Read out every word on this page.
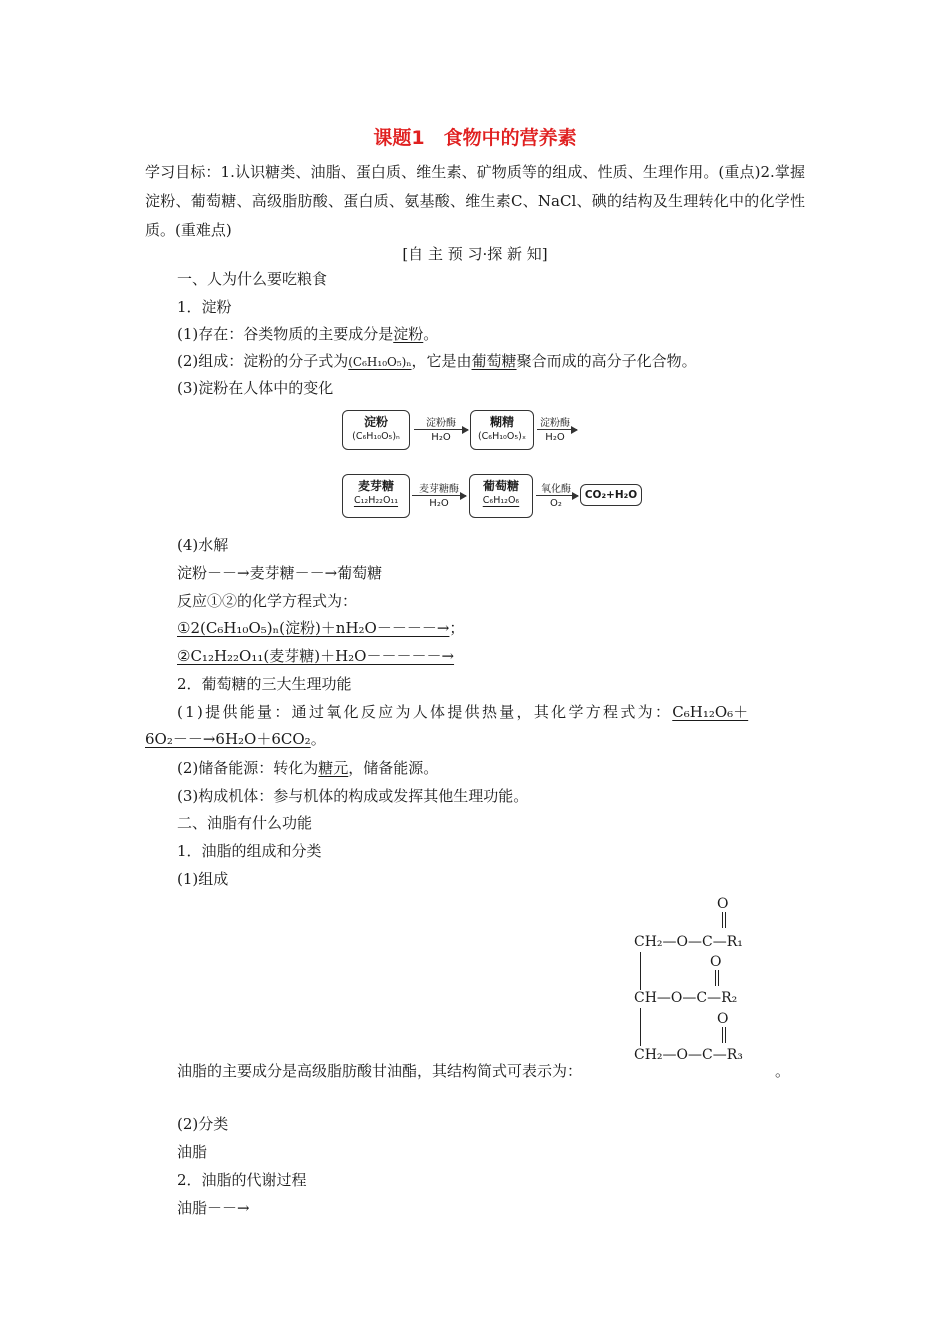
课题1　食物中的营养素
学习目标：1.认识糖类、油脂、蛋白质、维生素、矿物质等的组成、性质、生理作用。(重点)2.掌握淀粉、葡萄糖、高级脂肪酸、蛋白质、氨基酸、维生素C、NaCl、碘的结构及生理转化中的化学性质。(重难点)
[自 主 预 习·探 新 知]
一、人为什么要吃粮食
1．淀粉
(1)存在：谷类物质的主要成分是淀粉。
(2)组成：淀粉的分子式为(C₆H₁₀O₅)ₙ，它是由葡萄糖聚合而成的高分子化合物。
(3)淀粉在人体中的变化
淀粉
(C₆H₁₀O₅)ₙ
淀粉酶
H₂O
糊精
(C₆H₁₀O₅)ₓ
淀粉酶
H₂O
麦芽糖
C₁₂H₂₂O₁₁
麦芽糖酶
H₂O
葡萄糖
C₆H₁₂O₆
氧化酶
O₂
CO₂+H₂O
(4)水解
淀粉－－→麦芽糖－－→葡萄糖
反应①②的化学方程式为：
①2(C₆H₁₀O₅)ₙ(淀粉)＋nH₂O－－－－→；
②C₁₂H₂₂O₁₁(麦芽糖)＋H₂O－－－－－→
2．葡萄糖的三大生理功能
(1)提供能量：通过氧化反应为人体提供热量，其化学方程式为：C₆H₁₂O₆＋
6O₂－－→6H₂O＋6CO₂。
(2)储备能源：转化为糖元，储备能源。
(3)构成机体：参与机体的构成或发挥其他生理功能。
二、油脂有什么功能
1．油脂的组成和分类
(1)组成
O
CH₂—O—C—R₁
O
CH—O—C—R₂
O
CH₂—O—C—R₃
油脂的主要成分是高级脂肪酸甘油酯，其结构简式可表示为：	。
(2)分类
油脂
2．油脂的代谢过程
油脂－－→
